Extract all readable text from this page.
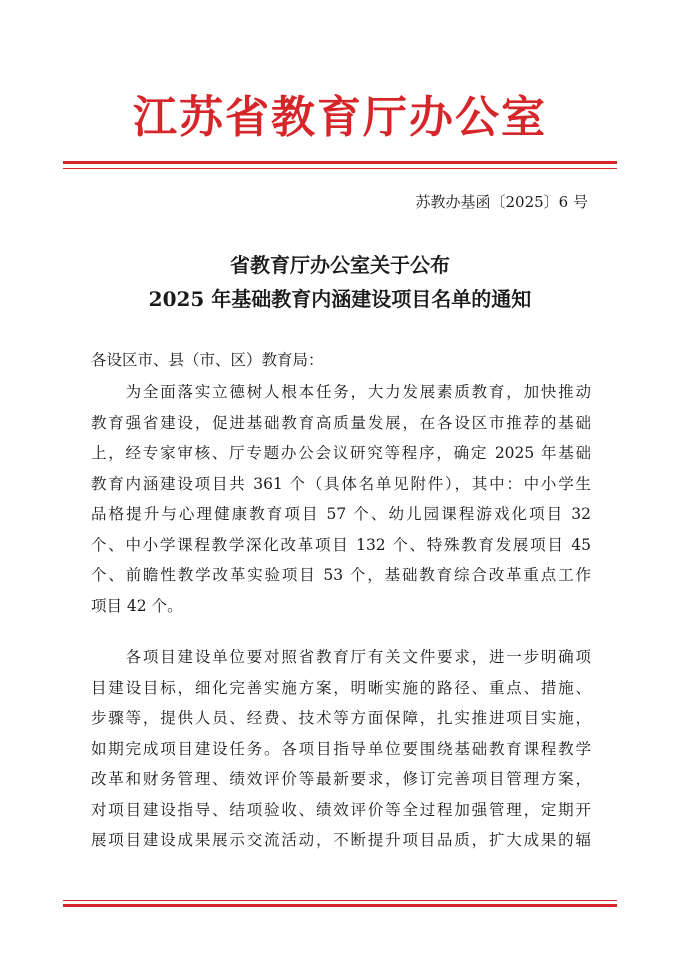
江苏省教育厅办公室
苏教办基函〔2025〕6 号
省教育厅办公室关于公布
2025 年基础教育内涵建设项目名单的通知
各设区市、县（市、区）教育局：
　　为全面落实立德树人根本任务，大力发展素质教育，加快推动
教育强省建设，促进基础教育高质量发展，在各设区市推荐的基础
上，经专家审核、厅专题办公会议研究等程序，确定 2025 年基础
教育内涵建设项目共 361 个（具体名单见附件），其中：中小学生
品格提升与心理健康教育项目 57 个、幼儿园课程游戏化项目 32
个、中小学课程教学深化改革项目 132 个、特殊教育发展项目 45
个、前瞻性教学改革实验项目 53 个，基础教育综合改革重点工作
项目 42 个。
　　各项目建设单位要对照省教育厅有关文件要求，进一步明确项
目建设目标，细化完善实施方案，明晰实施的路径、重点、措施、
步骤等，提供人员、经费、技术等方面保障，扎实推进项目实施，
如期完成项目建设任务。各项目指导单位要围绕基础教育课程教学
改革和财务管理、绩效评价等最新要求，修订完善项目管理方案，
对项目建设指导、结项验收、绩效评价等全过程加强管理，定期开
展项目建设成果展示交流活动，不断提升项目品质，扩大成果的辐
